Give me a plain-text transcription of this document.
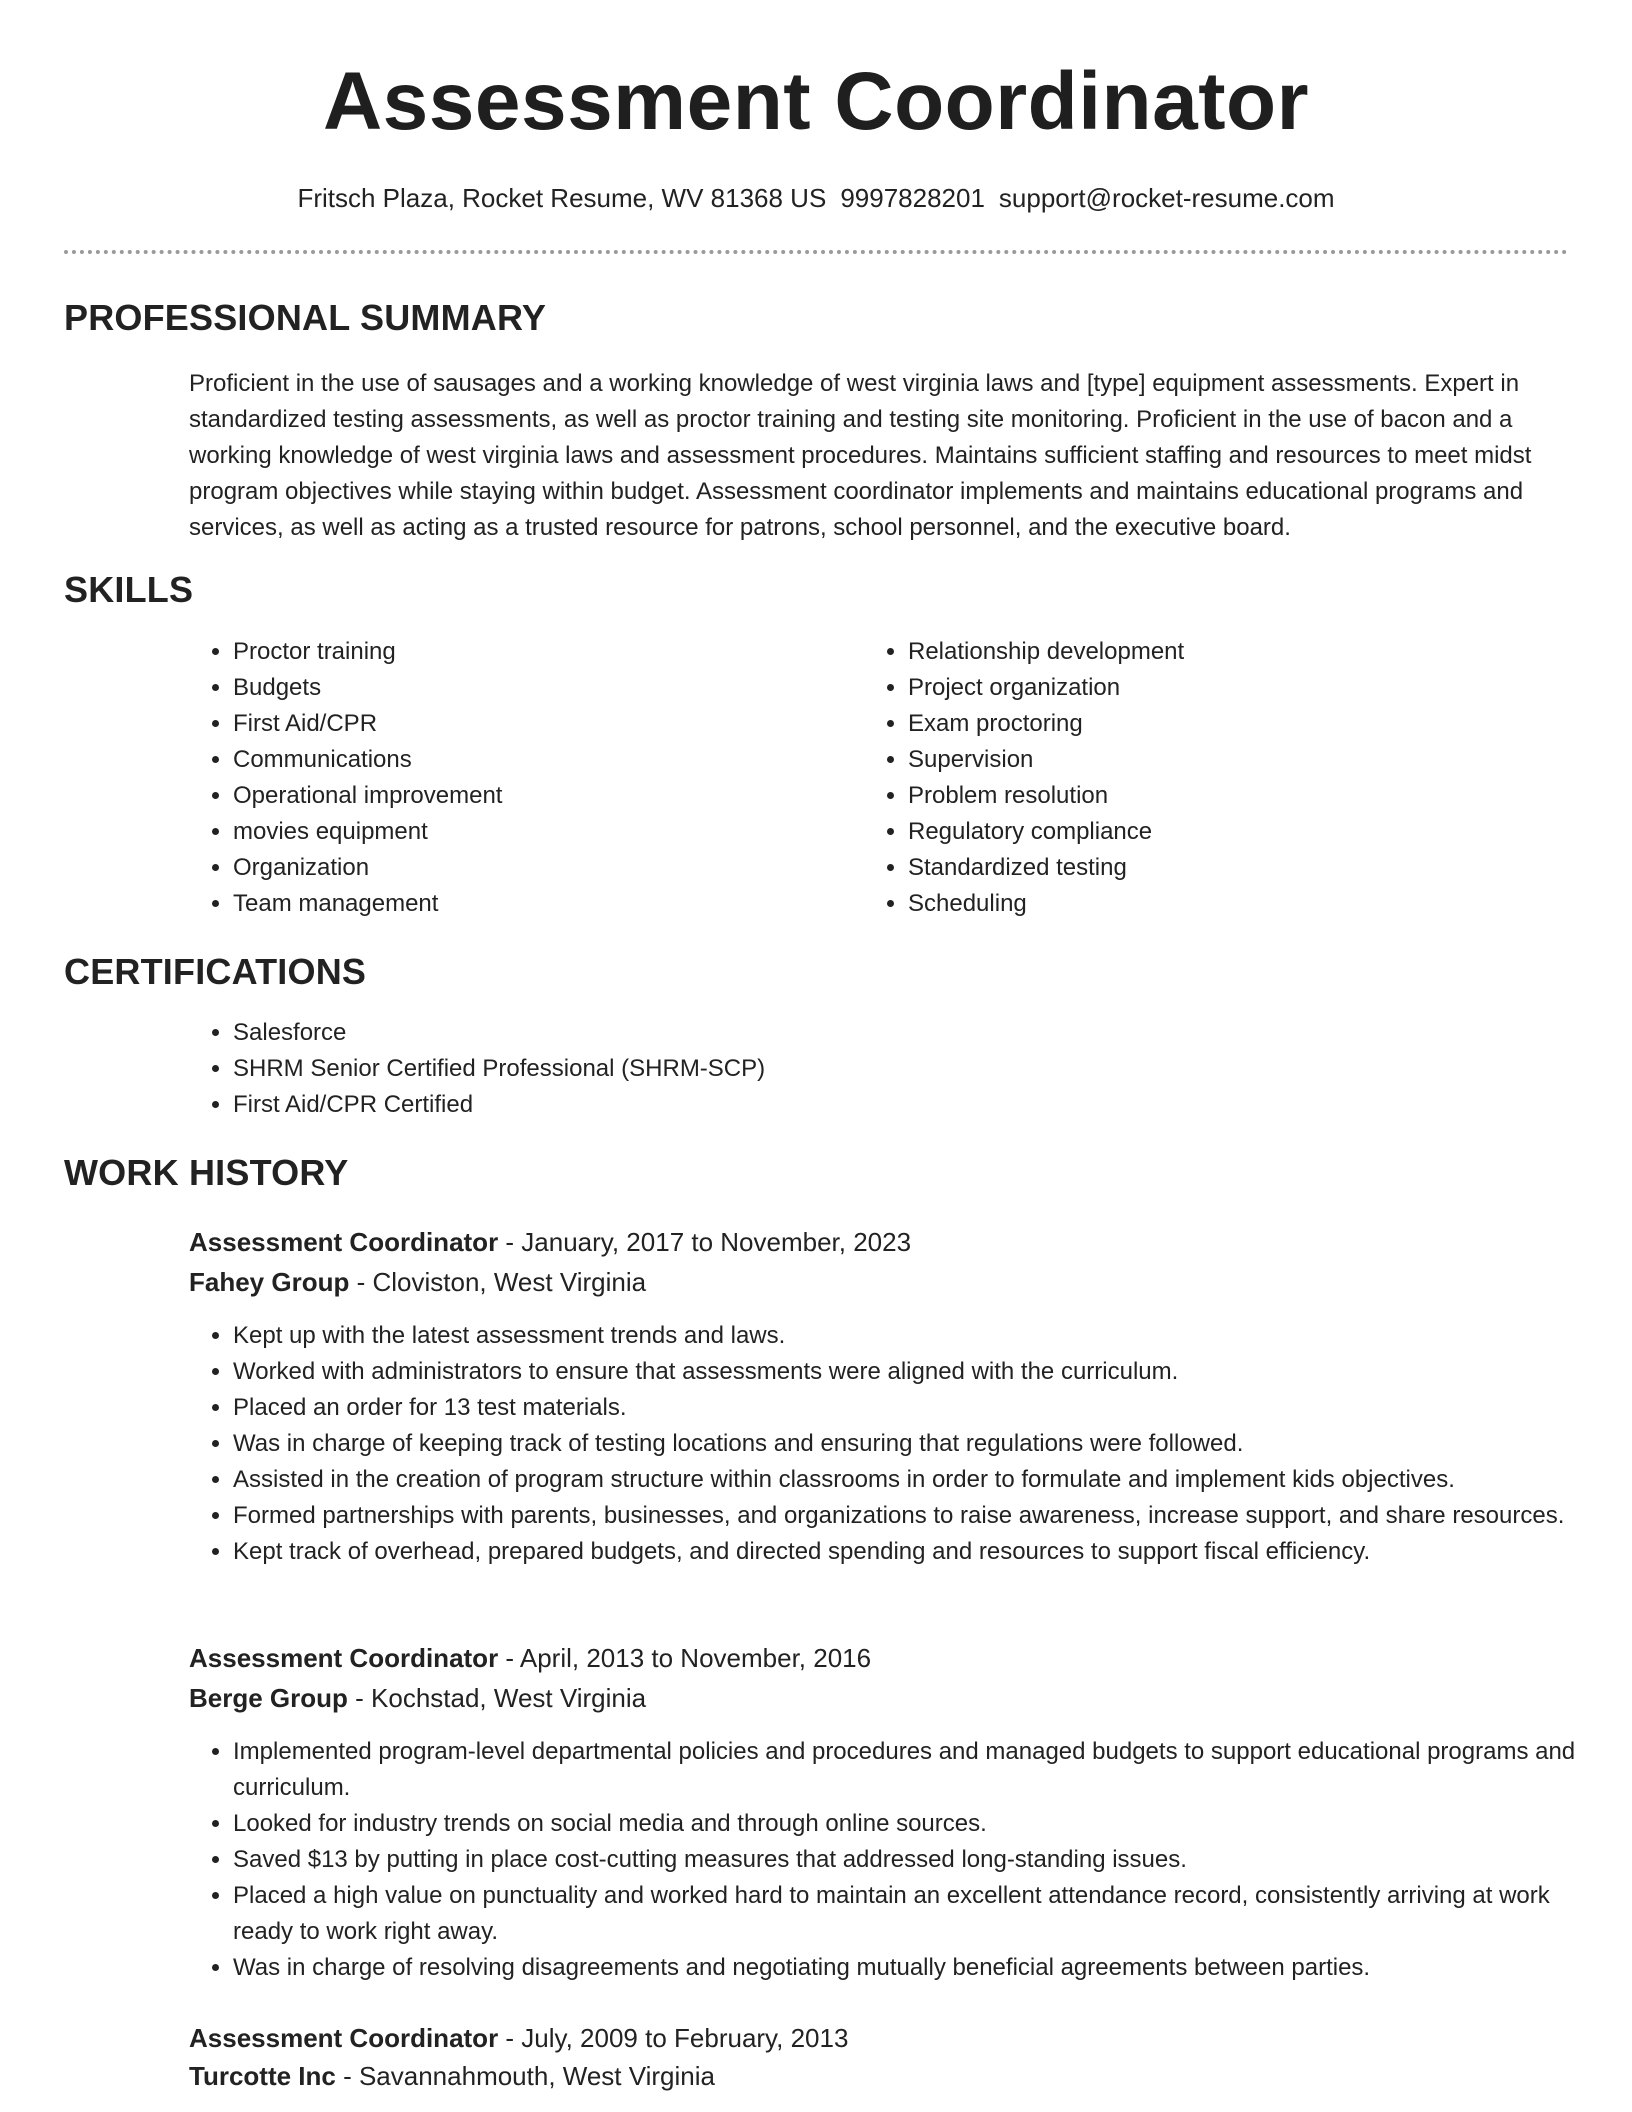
Assessment Coordinator
Fritsch Plaza, Rocket Resume, WV 81368 US 9997828201 support@rocket-resume.com
PROFESSIONAL SUMMARY
Proficient in the use of sausages and a working knowledge of west virginia laws and [type] equipment assessments. Expert in standardized testing assessments, as well as proctor training and testing site monitoring. Proficient in the use of bacon and a working knowledge of west virginia laws and assessment procedures. Maintains sufficient staffing and resources to meet midst program objectives while staying within budget. Assessment coordinator implements and maintains educational programs and services, as well as acting as a trusted resource for patrons, school personnel, and the executive board.
SKILLS
• Proctor training
• Budgets
• First Aid/CPR
• Communications
• Operational improvement
• movies equipment
• Organization
• Team management
• Relationship development
• Project organization
• Exam proctoring
• Supervision
• Problem resolution
• Regulatory compliance
• Standardized testing
• Scheduling
CERTIFICATIONS
• Salesforce
• SHRM Senior Certified Professional (SHRM-SCP)
• First Aid/CPR Certified
WORK HISTORY
Assessment Coordinator - January, 2017 to November, 2023
Fahey Group - Cloviston, West Virginia
• Kept up with the latest assessment trends and laws.
• Worked with administrators to ensure that assessments were aligned with the curriculum.
• Placed an order for 13 test materials.
• Was in charge of keeping track of testing locations and ensuring that regulations were followed.
• Assisted in the creation of program structure within classrooms in order to formulate and implement kids objectives.
• Formed partnerships with parents, businesses, and organizations to raise awareness, increase support, and share resources.
• Kept track of overhead, prepared budgets, and directed spending and resources to support fiscal efficiency.
Assessment Coordinator - April, 2013 to November, 2016
Berge Group - Kochstad, West Virginia
• Implemented program-level departmental policies and procedures and managed budgets to support educational programs and curriculum.
• Looked for industry trends on social media and through online sources.
• Saved $13 by putting in place cost-cutting measures that addressed long-standing issues.
• Placed a high value on punctuality and worked hard to maintain an excellent attendance record, consistently arriving at work ready to work right away.
• Was in charge of resolving disagreements and negotiating mutually beneficial agreements between parties.
Assessment Coordinator - July, 2009 to February, 2013
Turcotte Inc - Savannahmouth, West Virginia
